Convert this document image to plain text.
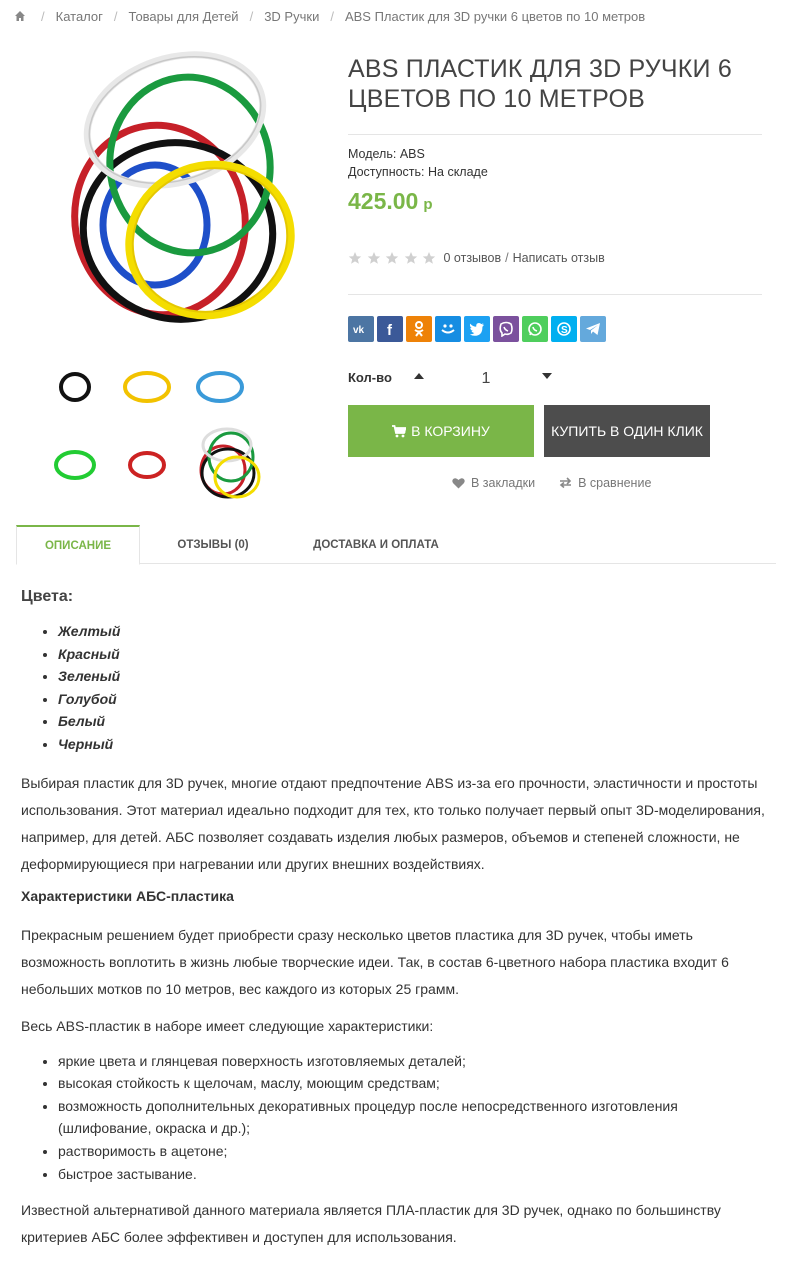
/ Каталог / Товары для Детей / 3D Ручки / ABS Пластик для 3D ручки 6 цветов по 10 метров
ABS ПЛАСТИК ДЛЯ 3D РУЧКИ 6 ЦВЕТОВ ПО 10 МЕТРОВ
Модель: ABS
Доступность: На складе
425.00 р
0 отзывов / Написать отзыв
vk f	S
Кол-во
1
В КОРЗИНУ	КУПИТЬ В ОДИН КЛИК
В закладки	В сравнение
ОПИСАНИЕ	ОТЗЫВЫ (0)	ДОСТАВКА И ОПЛАТА
Цвета:
• Желтый
• Красный
• Зеленый
• Голубой
• Белый
• Черный

Выбирая пластик для 3D ручек, многие отдают предпочтение ABS из-за его прочности, эластичности и простоты использования. Этот материал идеально подходит для тех, кто только получает первый опыт 3D-моделирования, например, для детей. АБС позволяет создавать изделия любых размеров, объемов и степеней сложности, не деформирующиеся при нагревании или других внешних воздействиях.

Характеристики АБС-пластика

Прекрасным решением будет приобрести сразу несколько цветов пластика для 3D ручек, чтобы иметь возможность воплотить в жизнь любые творческие идеи. Так, в состав 6-цветного набора пластика входит 6 небольших мотков по 10 метров, вес каждого из которых 25 грамм.

Весь ABS-пластик в наборе имеет следующие характеристики:

• яркие цвета и глянцевая поверхность изготовляемых деталей;
• высокая стойкость к щелочам, маслу, моющим средствам;
• возможность дополнительных декоративных процедур после непосредственного изготовления (шлифование, окраска и др.);
• растворимость в ацетоне;
• быстрое застывание.

Известной альтернативой данного материала является ПЛА-пластик для 3D ручек, однако по большинству критериев АБС более эффективен и доступен для использования.
